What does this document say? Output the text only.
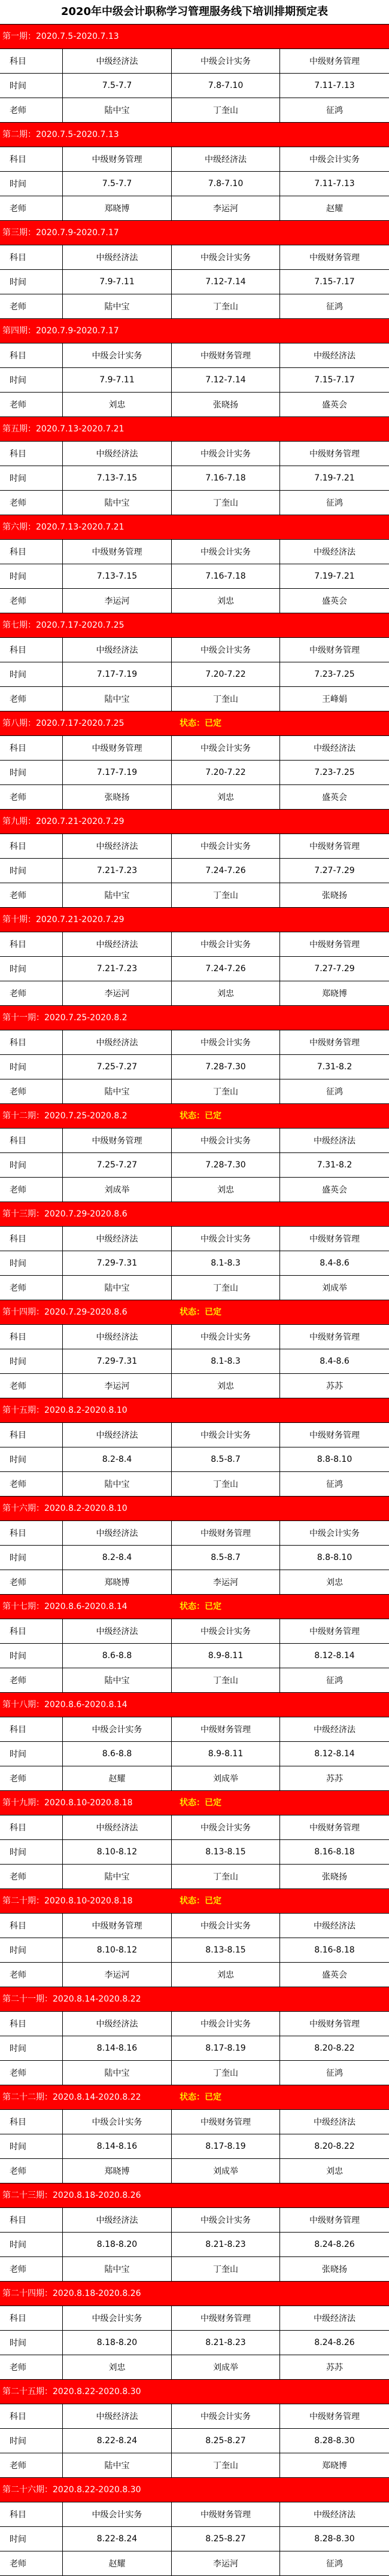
2020年中级会计职称学习管理服务线下培训排期预定表
第一期：2020.7.5-2020.7.13
科目	中级经济法	中级会计实务	中级财务管理
时间	7.5-7.7	7.8-7.10	7.11-7.13
老师	陆中宝	丁奎山	征鸿
第二期：2020.7.5-2020.7.13
科目	中级财务管理	中级经济法	中级会计实务
时间	7.5-7.7	7.8-7.10	7.11-7.13
老师	郑晓博	李运河	赵耀
第三期：2020.7.9-2020.7.17
科目	中级经济法	中级会计实务	中级财务管理
时间	7.9-7.11	7.12-7.14	7.15-7.17
老师	陆中宝	丁奎山	征鸿
第四期：2020.7.9-2020.7.17
科目	中级会计实务	中级财务管理	中级经济法
时间	7.9-7.11	7.12-7.14	7.15-7.17
老师	刘忠	张晓扬	盛英会
第五期：2020.7.13-2020.7.21
科目	中级经济法	中级会计实务	中级财务管理
时间	7.13-7.15	7.16-7.18	7.19-7.21
老师	陆中宝	丁奎山	征鸿
第六期：2020.7.13-2020.7.21
科目	中级财务管理	中级会计实务	中级经济法
时间	7.13-7.15	7.16-7.18	7.19-7.21
老师	李运河	刘忠	盛英会
第七期：2020.7.17-2020.7.25
科目	中级经济法	中级会计实务	中级财务管理
时间	7.17-7.19	7.20-7.22	7.23-7.25
老师	陆中宝	丁奎山	王峰娟
第八期：2020.7.17-2020.7.25	状态：已定
科目	中级财务管理	中级会计实务	中级经济法
时间	7.17-7.19	7.20-7.22	7.23-7.25
老师	张晓扬	刘忠	盛英会
第九期：2020.7.21-2020.7.29
科目	中级经济法	中级会计实务	中级财务管理
时间	7.21-7.23	7.24-7.26	7.27-7.29
老师	陆中宝	丁奎山	张晓扬
第十期：2020.7.21-2020.7.29
科目	中级经济法	中级会计实务	中级财务管理
时间	7.21-7.23	7.24-7.26	7.27-7.29
老师	李运河	刘忠	郑晓博
第十一期：2020.7.25-2020.8.2
科目	中级经济法	中级会计实务	中级财务管理
时间	7.25-7.27	7.28-7.30	7.31-8.2
老师	陆中宝	丁奎山	征鸿
第十二期：2020.7.25-2020.8.2	状态：已定
科目	中级财务管理	中级会计实务	中级经济法
时间	7.25-7.27	7.28-7.30	7.31-8.2
老师	刘成举	刘忠	盛英会
第十三期：2020.7.29-2020.8.6
科目	中级经济法	中级会计实务	中级财务管理
时间	7.29-7.31	8.1-8.3	8.4-8.6
老师	陆中宝	丁奎山	刘成举
第十四期：2020.7.29-2020.8.6	状态：已定
科目	中级经济法	中级会计实务	中级财务管理
时间	7.29-7.31	8.1-8.3	8.4-8.6
老师	李运河	刘忠	苏苏
第十五期：2020.8.2-2020.8.10
科目	中级经济法	中级会计实务	中级财务管理
时间	8.2-8.4	8.5-8.7	8.8-8.10
老师	陆中宝	丁奎山	征鸿
第十六期：2020.8.2-2020.8.10
科目	中级经济法	中级财务管理	中级会计实务
时间	8.2-8.4	8.5-8.7	8.8-8.10
老师	郑晓博	李运河	刘忠
第十七期：2020.8.6-2020.8.14	状态：已定
科目	中级经济法	中级会计实务	中级财务管理
时间	8.6-8.8	8.9-8.11	8.12-8.14
老师	陆中宝	丁奎山	征鸿
第十八期：2020.8.6-2020.8.14
科目	中级会计实务	中级财务管理	中级经济法
时间	8.6-8.8	8.9-8.11	8.12-8.14
老师	赵耀	刘成举	苏苏
第十九期：2020.8.10-2020.8.18	状态：已定
科目	中级经济法	中级会计实务	中级财务管理
时间	8.10-8.12	8.13-8.15	8.16-8.18
老师	陆中宝	丁奎山	张晓扬
第二十期：2020.8.10-2020.8.18	状态：已定
科目	中级财务管理	中级会计实务	中级经济法
时间	8.10-8.12	8.13-8.15	8.16-8.18
老师	李运河	刘忠	盛英会
第二十一期：2020.8.14-2020.8.22
科目	中级经济法	中级会计实务	中级财务管理
时间	8.14-8.16	8.17-8.19	8.20-8.22
老师	陆中宝	丁奎山	征鸿
第二十二期：2020.8.14-2020.8.22	状态：已定
科目	中级会计实务	中级财务管理	中级经济法
时间	8.14-8.16	8.17-8.19	8.20-8.22
老师	郑晓博	刘成举	刘忠
第二十三期：2020.8.18-2020.8.26
科目	中级经济法	中级会计实务	中级财务管理
时间	8.18-8.20	8.21-8.23	8.24-8.26
老师	陆中宝	丁奎山	张晓扬
第二十四期：2020.8.18-2020.8.26
科目	中级会计实务	中级财务管理	中级经济法
时间	8.18-8.20	8.21-8.23	8.24-8.26
老师	刘忠	刘成举	苏苏
第二十五期：2020.8.22-2020.8.30
科目	中级经济法	中级会计实务	中级财务管理
时间	8.22-8.24	8.25-8.27	8.28-8.30
老师	陆中宝	丁奎山	郑晓博
第二十六期：2020.8.22-2020.8.30
科目	中级会计实务	中级财务管理	中级经济法
时间	8.22-8.24	8.25-8.27	8.28-8.30
老师	赵耀	李运河	征鸿
